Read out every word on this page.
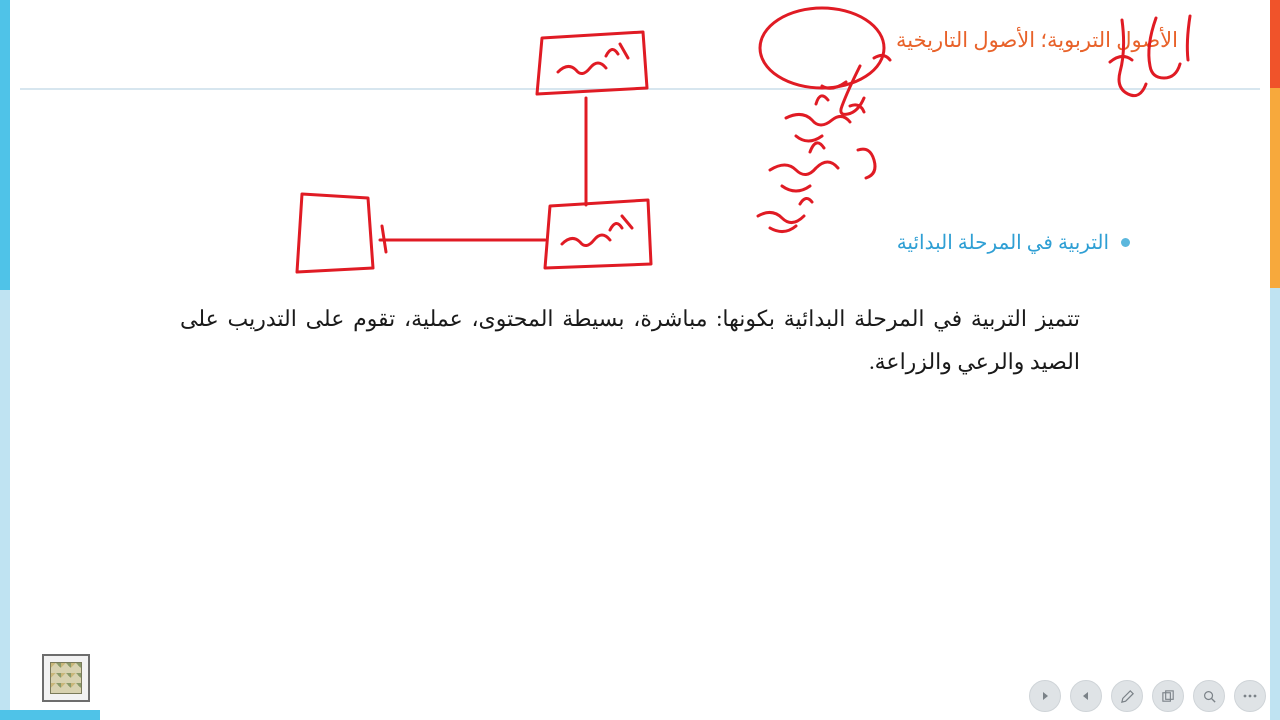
الأصول التربوية؛ الأصول التاريخية
التربية في المرحلة البدائية
تتميز التربية في المرحلة البدائية بكونها: مباشرة، بسيطة المحتوى، عملية، تقوم على التدريب على الصيد والرعي والزراعة.
